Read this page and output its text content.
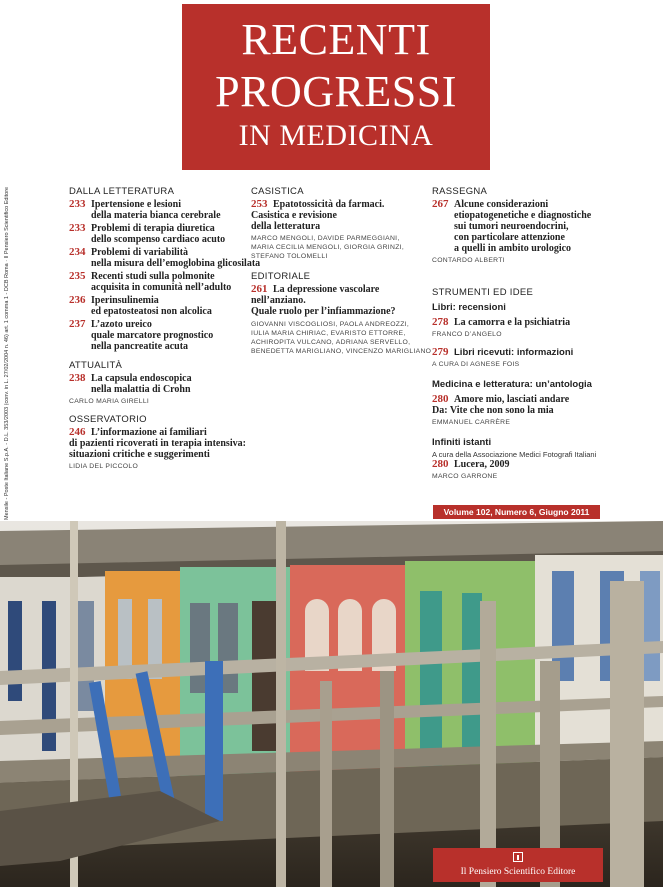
RECENTI
PROGRESSI
IN MEDICINA
Mensile - Poste Italiane S.p.A. - D.L. 353/2003 (conv. in L. 27/02/2004 n. 46) art. 1 comma 1 - DCB Roma · Il Pensiero Scientifico Editore	DALLA LETTERATURA
233 Ipertensione e lesioni
della materia bianca cerebrale
233 Problemi di terapia diuretica
dello scompenso cardiaco acuto
234 Problemi di variabilità
nella misura dell’emoglobina glicosilata
235 Recenti studi sulla polmonite
acquisita in comunità nell’adulto
236 Iperinsulinemia
ed epatosteatosi non alcolica
237 L’azoto ureico
quale marcatore prognostico
nella pancreatite acuta
ATTUALITÀ
238 La capsula endoscopica
nella malattia di Crohn
CARLO MARIA GIRELLI
OSSERVATORIO
246 L’informazione ai familiari
di pazienti ricoverati in terapia intensiva:
situazioni critiche e suggerimenti
LIDIA DEL PICCOLO
CASISTICA
253 Epatotossicità da farmaci.
Casistica e revisione
della letteratura
MARCO MENGOLI, DAVIDE PARMEGGIANI,
MARIA CECILIA MENGOLI, GIORGIA GRINZI,
STEFANO TOLOMELLI
EDITORIALE
261 La depressione vascolare
nell’anziano.
Quale ruolo per l’infiammazione?
GIOVANNI VISCOGLIOSI, PAOLA ANDREOZZI,
IULIA MARIA CHIRIAC, EVARISTO ETTORRE,
ACHIROPITA VULCANO, ADRIANA SERVELLO,
BENEDETTA MARIGLIANO, VINCENZO MARIGLIANO
RASSEGNA
267 Alcune considerazioni
etiopatogenetiche e diagnostiche
sui tumori neuroendocrini,
con particolare attenzione
a quelli in ambito urologico
CONTARDO ALBERTI
STRUMENTI ED IDEE
Libri: recensioni
278 La camorra e la psichiatria
FRANCO D’ANGELO
279 Libri ricevuti: informazioni
A CURA DI AGNESE FOIS
Medicina e letteratura: un’antologia
280 Amore mio, lasciati andare
Da: Vite che non sono la mia
EMMANUEL CARRÈRE
Infiniti istanti
A cura della Associazione Medici Fotografi Italiani
280 Lucera, 2009
MARCO GARRONE
Volume 102, Numero 6, Giugno 2011

Il Pensiero Scientifico Editore
